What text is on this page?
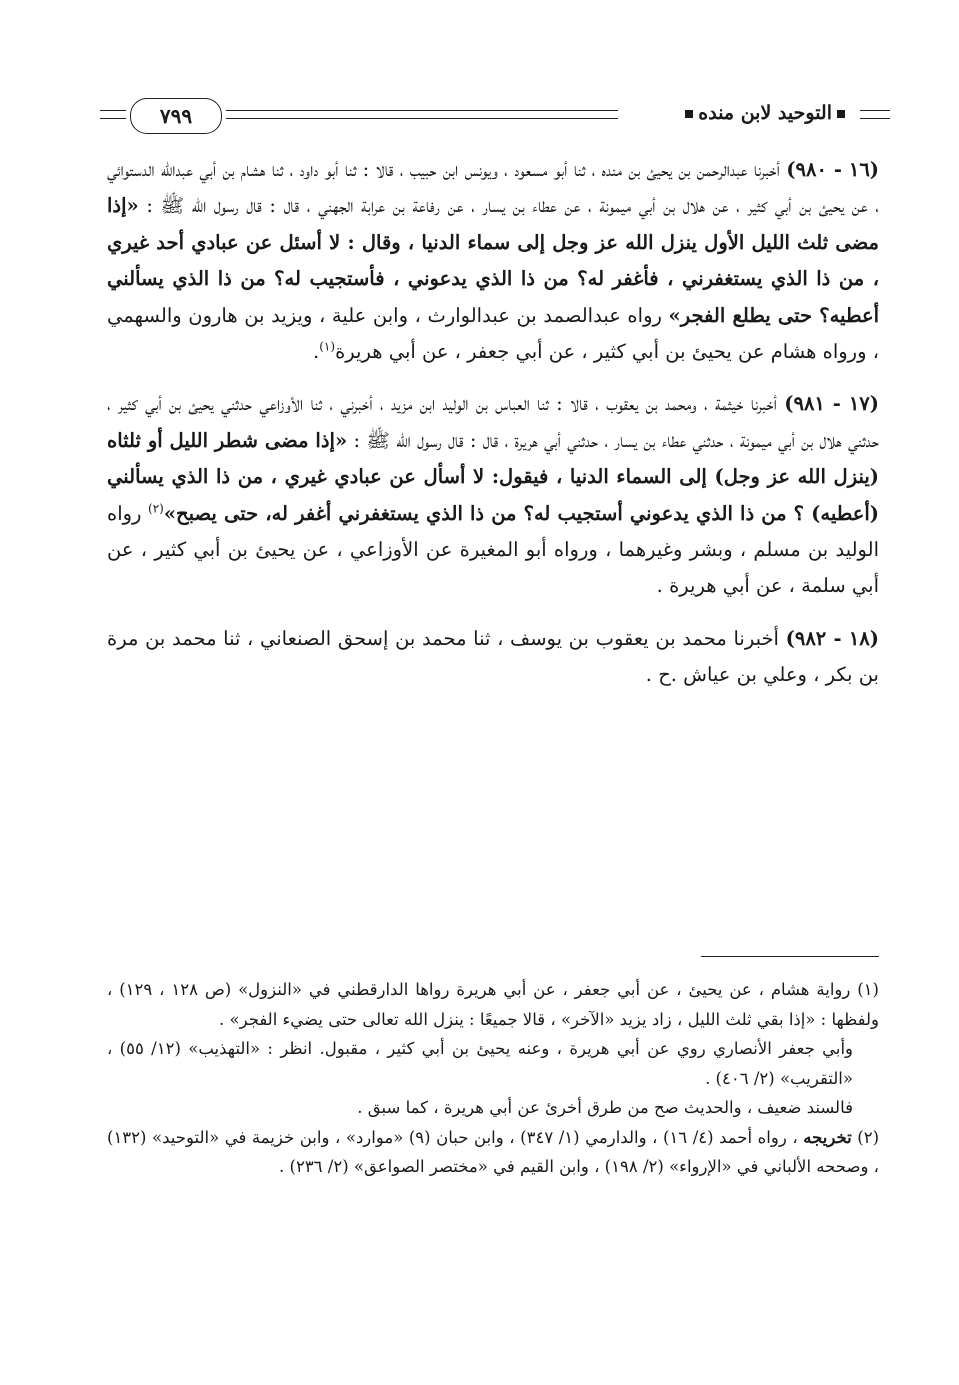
التوحيد لابن منده
٧٩٩

(١٦ - ٩٨٠) أخبرنا عبدالرحمن بن يحيئ بن منده ، ثنا أبو مسعود ، ويونس ابن حبيب ، قالا : ثنا أبو داود ، ثنا هشام بن أبي عبدالله الدستوائي ، عن يحيئ بن أبي كثير ، عن هلال بن أبي ميمونة ، عن عطاء بن يسار ، عن رفاعة بن عرابة الجهني ، قال : قال رسول الله ﷺ : «إذا مضى ثلث الليل الأول ينزل الله عز وجل إلى سماء الدنيا ، وقال : لا أسئل عن عبادي أحد غيري ، من ذا الذي يستغفرني ، فأغفر له؟ من ذا الذي يدعوني ، فأستجيب له؟ من ذا الذي يسألني أعطيه؟ حتى يطلع الفجر» رواه عبدالصمد بن عبدالوارث ، وابن علية ، ويزيد بن هارون والسهمي ، ورواه هشام عن يحيئ بن أبي كثير ، عن أبي جعفر ، عن أبي هريرة$^{(١)}$.

(١٧ - ٩٨١) أخبرنا خيثمة ، ومحمد بن يعقوب ، قالا : ثنا العباس بن الوليد ابن مزيد ، أخبرني ، ثنا الأوزاعي حدثني يحيئ بن أبي كثير ، حدثني هلال بن أبي ميمونة ، حدثني عطاء بن يسار ، حدثني أبي هريرة ، قال : قال رسول الله ﷺ : «إذا مضى شطر الليل أو ثلثاه (ينزل الله عز وجل) إلى السماء الدنيا ، فيقول: لا أسأل عن عبادي غيري ، من ذا الذي يسألني (أعطيه) ؟ من ذا الذي يدعوني أستجيب له؟ من ذا الذي يستغفرني أغفر له، حتى يصبح»$^{(٢)}$ رواه الوليد بن مسلم ، وبشر وغيرهما ، ورواه أبو المغيرة عن الأوزاعي ، عن يحيئ بن أبي كثير ، عن أبي سلمة ، عن أبي هريرة .

(١٨ - ٩٨٢) أخبرنا محمد بن يعقوب بن يوسف ، ثنا محمد بن إسحق الصنعاني ، ثنا محمد بن مرة بن بكر ، وعلي بن عياش .ح .

(١) رواية هشام ، عن يحيئ ، عن أبي جعفر ، عن أبي هريرة رواها الدارقطني في «النزول» (ص ١٢٨ ، ١٢٩) ، ولفظها : «إذا بقي ثلث الليل ، زاد يزيد «الآخر» ، قالا جميعًا : ينزل الله تعالى حتى يضيء الفجر» .

وأبي جعفر الأنصاري روي عن أبي هريرة ، وعنه يحيئ بن أبي كثير ، مقبول. انظر : «التهذيب» (١٢/ ٥٥) ، «التقريب» (٢/ ٤٠٦) .

فالسند ضعيف ، والحديث صح من طرق أخرئ عن أبي هريرة ، كما سبق .

(٢) تخريجه ، رواه أحمد (٤/ ١٦) ، والدارمي (١/ ٣٤٧) ، وابن حبان (٩) «موارد» ، وابن خزيمة في «التوحيد» (١٣٢) ، وصححه الألباني في «الإرواء» (٢/ ١٩٨) ، وابن القيم في «مختصر الصواعق» (٢/ ٢٣٦) .
